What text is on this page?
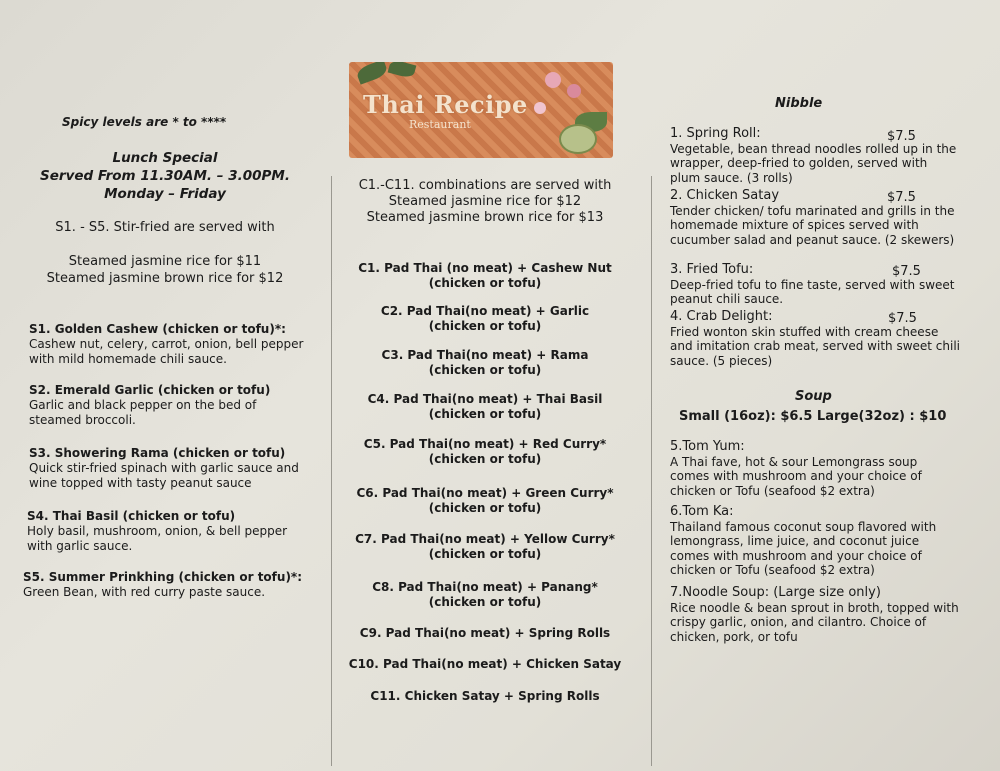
Thai Recipe
Restaurant
Spicy levels are * to ****
Lunch Special
Served From 11.30AM. – 3.00PM.
Monday – Friday
S1. - S5. Stir-fried are served with
Steamed jasmine rice for $11
Steamed jasmine brown rice for $12
S1. Golden Cashew (chicken or tofu)*:
Cashew nut, celery, carrot, onion, bell pepper with mild homemade chili sauce.
S2. Emerald Garlic (chicken or tofu)
Garlic and black pepper on the bed of steamed broccoli.
S3. Showering Rama (chicken or tofu)
Quick stir-fried spinach with garlic sauce and wine topped with tasty peanut sauce
S4. Thai Basil (chicken or tofu)
Holy basil, mushroom, onion, & bell pepper with garlic sauce.
S5. Summer Prinkhing (chicken or tofu)*:
Green Bean, with red curry paste sauce.
C1.-C11. combinations are served with
Steamed jasmine rice for $12
Steamed jasmine brown rice for $13
C1. Pad Thai (no meat) + Cashew Nut
(chicken or tofu)
C2. Pad Thai(no meat) + Garlic
(chicken or tofu)
C3. Pad Thai(no meat) + Rama
(chicken or tofu)
C4. Pad Thai(no meat) + Thai Basil
(chicken or tofu)
C5. Pad Thai(no meat) + Red Curry*
(chicken or tofu)
C6. Pad Thai(no meat) + Green Curry*
(chicken or tofu)
C7. Pad Thai(no meat) + Yellow Curry*
(chicken or tofu)
C8. Pad Thai(no meat) + Panang*
(chicken or tofu)
C9. Pad Thai(no meat) + Spring Rolls
C10. Pad Thai(no meat) + Chicken Satay
C11. Chicken Satay + Spring Rolls
Nibble
1. Spring Roll:
Vegetable, bean thread noodles rolled up in the wrapper, deep-fried to golden, served with plum sauce. (3 rolls)
$7.5
2. Chicken Satay
Tender chicken/ tofu marinated and grills in the homemade mixture of spices served with cucumber salad and peanut sauce. (2 skewers)
$7.5
3. Fried Tofu:
Deep-fried tofu to fine taste, served with sweet peanut chili sauce.
$7.5
4. Crab Delight:
Fried wonton skin stuffed with cream cheese and imitation crab meat, served with sweet chili sauce. (5 pieces)
$7.5
Soup
Small (16oz): $6.5 Large(32oz) : $10
5.Tom Yum:
A Thai fave, hot & sour Lemongrass soup comes with mushroom and your choice of chicken or Tofu (seafood $2 extra)
6.Tom Ka:
Thailand famous coconut soup flavored with lemongrass, lime juice, and coconut juice comes with mushroom and your choice of chicken or Tofu (seafood $2 extra)
7.Noodle Soup: (Large size only)
Rice noodle & bean sprout in broth, topped with crispy garlic, onion, and cilantro. Choice of chicken, pork, or tofu
